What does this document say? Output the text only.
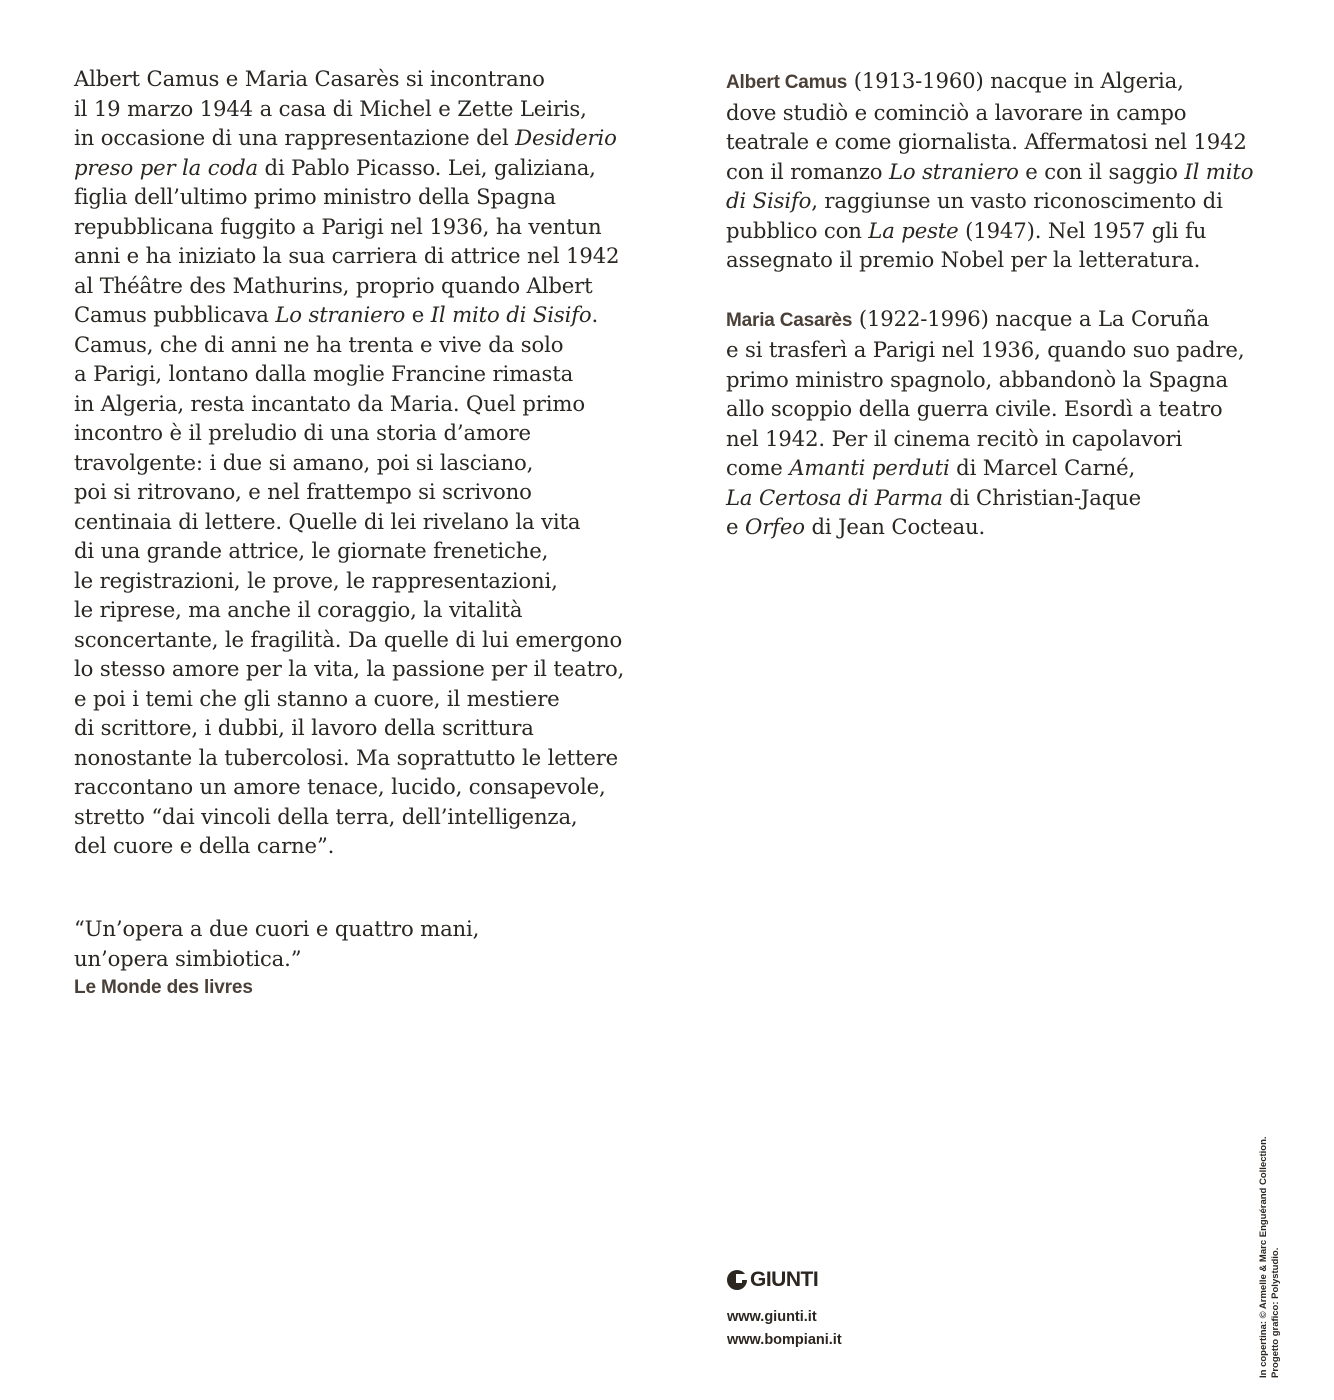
Albert Camus e Maria Casarès si incontrano
il 19 marzo 1944 a casa di Michel e Zette Leiris,
in occasione di una rappresentazione del Desiderio
preso per la coda di Pablo Picasso. Lei, galiziana,
figlia dell’ultimo primo ministro della Spagna
repubblicana fuggito a Parigi nel 1936, ha ventun
anni e ha iniziato la sua carriera di attrice nel 1942
al Théâtre des Mathurins, proprio quando Albert
Camus pubblicava Lo straniero e Il mito di Sisifo.
Camus, che di anni ne ha trenta e vive da solo
a Parigi, lontano dalla moglie Francine rimasta
in Algeria, resta incantato da Maria. Quel primo
incontro è il preludio di una storia d’amore
travolgente: i due si amano, poi si lasciano,
poi si ritrovano, e nel frattempo si scrivono
centinaia di lettere. Quelle di lei rivelano la vita
di una grande attrice, le giornate frenetiche,
le registrazioni, le prove, le rappresentazioni,
le riprese, ma anche il coraggio, la vitalità
sconcertante, le fragilità. Da quelle di lui emergono
lo stesso amore per la vita, la passione per il teatro,
e poi i temi che gli stanno a cuore, il mestiere
di scrittore, i dubbi, il lavoro della scrittura
nonostante la tubercolosi. Ma soprattutto le lettere
raccontano un amore tenace, lucido, consapevole,
stretto “dai vincoli della terra, dell’intelligenza,
del cuore e della carne”.
“Un’opera a due cuori e quattro mani,
un’opera simbiotica.”
Le Monde des livres
Albert Camus (1913-1960) nacque in Algeria,
dove studiò e cominciò a lavorare in campo
teatrale e come giornalista. Affermatosi nel 1942
con il romanzo Lo straniero e con il saggio Il mito
di Sisifo, raggiunse un vasto riconoscimento di
pubblico con La peste (1947). Nel 1957 gli fu
assegnato il premio Nobel per la letteratura.
Maria Casarès (1922-1996) nacque a La Coruña
e si trasferì a Parigi nel 1936, quando suo padre,
primo ministro spagnolo, abbandonò la Spagna
allo scoppio della guerra civile. Esordì a teatro
nel 1942. Per il cinema recitò in capolavori
come Amanti perduti di Marcel Carné,
La Certosa di Parma di Christian-Jaque
e Orfeo di Jean Cocteau.
GIUNTI
www.giunti.it
www.bompiani.it	In copertina: © Armelle & Marc Enguérand Collection. Progetto grafico: Polystudio.
